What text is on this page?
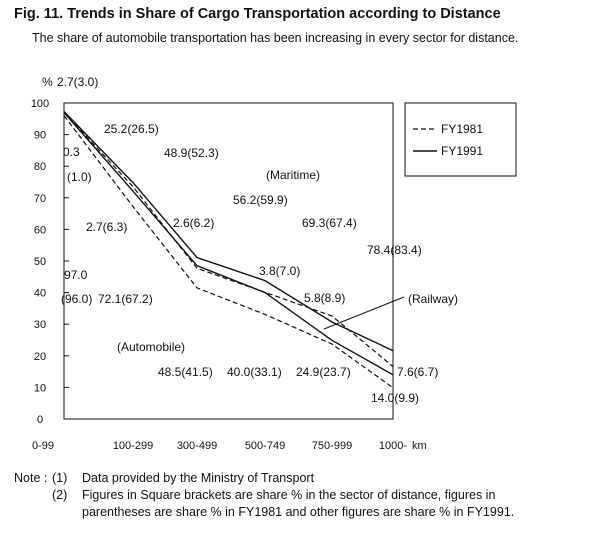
Fig. 11. Trends in Share of Cargo Transportation according to Distance
The share of automobile transportation has been increasing in every sector for distance.
0
10
20
30
40
50
60
70
80
90
100
0-99	100-299 300-499	500-749 750-999 1000- km
%
FY1981
FY1991
2.7(3.0)
0.3
(1.0)
25.2(26.5)
2.7(6.3)
48.9(52.3)
(Maritime)
56.2(59.9)
69.3(67.4)
78.4(83.4)
2.6(6.2)
3.8(7.0)
5.8(8.9)	(Railway)
97.0
(96.0) 72.1(67.2)
(Automobile)
48.5(41.5) 40.0(33.1) 24.9(23.7)	7.6(6.7)
14.0(9.9)
Note : (1)	Data provided by the Ministry of Transport
(2)	Figures in Square brackets are share % in the sector of distance, figures in
parentheses are share % in FY1981 and other figures are share % in FY1991.
